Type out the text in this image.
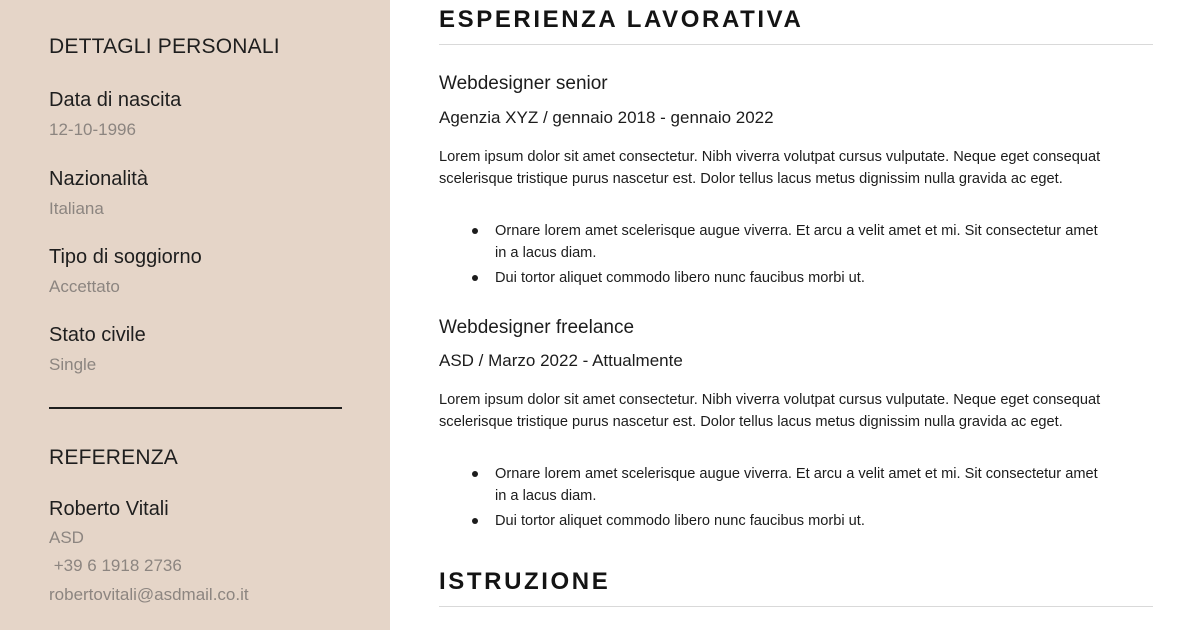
DETTAGLI PERSONALI
Data di nascita
12-10-1996
Nazionalità
Italiana
Tipo di soggiorno
Accettato
Stato civile
Single
REFERENZA
Roberto Vitali
ASD
+39 6 1918 2736
robertovitali@asdmail.co.it
ESPERIENZA LAVORATIVA
Webdesigner senior
Agenzia XYZ / gennaio 2018 - gennaio 2022
Lorem ipsum dolor sit amet consectetur. Nibh viverra volutpat cursus vulputate. Neque eget consequat scelerisque tristique purus nascetur est. Dolor tellus lacus metus dignissim nulla gravida ac eget.
Ornare lorem amet scelerisque augue viverra. Et arcu a velit amet et mi. Sit consectetur amet in a lacus diam.
Dui tortor aliquet commodo libero nunc faucibus morbi ut.
Webdesigner freelance
ASD / Marzo 2022 - Attualmente
Lorem ipsum dolor sit amet consectetur. Nibh viverra volutpat cursus vulputate. Neque eget consequat scelerisque tristique purus nascetur est. Dolor tellus lacus metus dignissim nulla gravida ac eget.
Ornare lorem amet scelerisque augue viverra. Et arcu a velit amet et mi. Sit consectetur amet in a lacus diam.
Dui tortor aliquet commodo libero nunc faucibus morbi ut.
ISTRUZIONE
